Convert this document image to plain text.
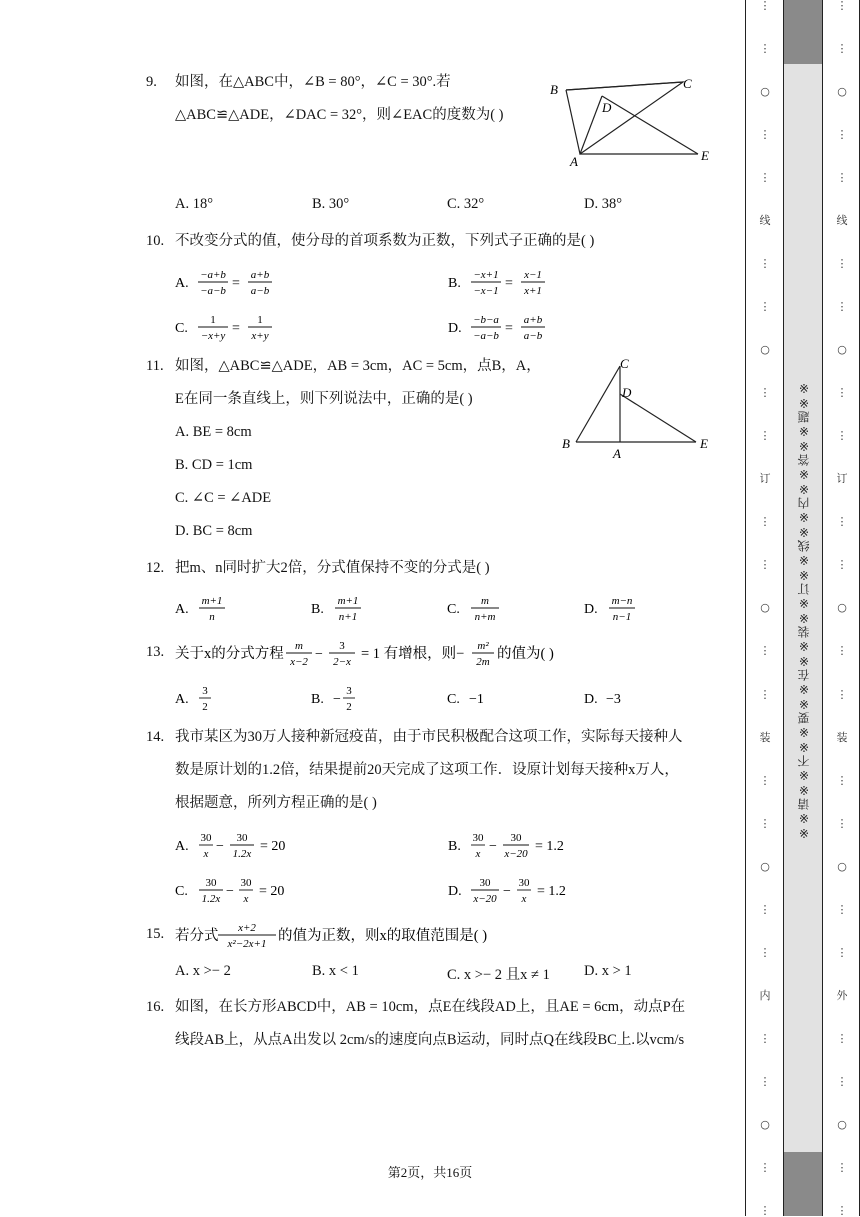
9. 如图，在△ABC中，∠B = 80°，∠C = 30°.若
△ABC≌△ADE，∠DAC = 32°，则∠EAC的度数为( )
B	C
D
A	E
A. 18°	B. 30°	C. 32°	D. 38°
10. 不改变分式的值，使分母的首项系数为正数，下列式子正确的是( )
A.
−a+b
−a−b =
a+b
a−b	B.
−x+1
−x−1 =
x−1
x+1
C.
1
−x+y =
1
x+y	D.
−b−a
−a−b =
a+b
a−b
11. 如图，△ABC≌△ADE，AB = 3cm，AC = 5cm，点B，A，
E在同一条直线上，则下列说法中，正确的是( )
A. BE = 8cm
B. CD = 1cm
C. ∠C = ∠ADE
D. BC = 8cm
C
D
B
A
E
12. 把m、n同时扩大2倍，分式值保持不变的分式是( )
A.
m+1
n	B.
m+1
n+1	C.
m
n+m	D.
m−n
n−1
13. 关于x的分式方程 m
x−2 −
3
2−x = 1 有增根，则− m²
2m 的值为( )
A.
3
2	B. −
3
2	C. −1	D. −3
14. 我市某区为30万人接种新冠疫苗，由于市民积极配合这项工作，实际每天接种人
数是原计划的1.2倍，结果提前20天完成了这项工作．设原计划每天接种x万人，
根据题意，所列方程正确的是( )
A.
30
x −
30
1.2x = 20	B.
30
x −
30
x−20 = 1.2
C.
30
1.2x −
30
x = 20	D.
30
x−20 −
30
x = 1.2
15. 若分式 x+2
x²−2x+1 的值为正数，则x的取值范围是( )
A. x >− 2	B. x < 1	C. x >− 2 且x ≠ 1 D. x > 1
16. 如图，在长方形ABCD中，AB = 10cm，点E在线段AD上，且AE = 6cm，动点P在
线段AB上，从点A出发以 2cm/s的速度向点B运动，同时点Q在线段BC上.以vcm/s
第2页，共16页
⋮
⋮
○
⋮
⋮
线
⋮
⋮
○
⋮
⋮
订
⋮
⋮
○
⋮
⋮
装
⋮
⋮
○
⋮
⋮
内
⋮
⋮
○
⋮
⋮
⋮
⋮
○
⋮
⋮
线
⋮
⋮
○
⋮
⋮
订
⋮
⋮
○
⋮
⋮
装
⋮
⋮
○
⋮
⋮
外
⋮
⋮
○
⋮
⋮
※※请※※不※※要※※在※※装※※订※※线※※内※※答※※题※※
